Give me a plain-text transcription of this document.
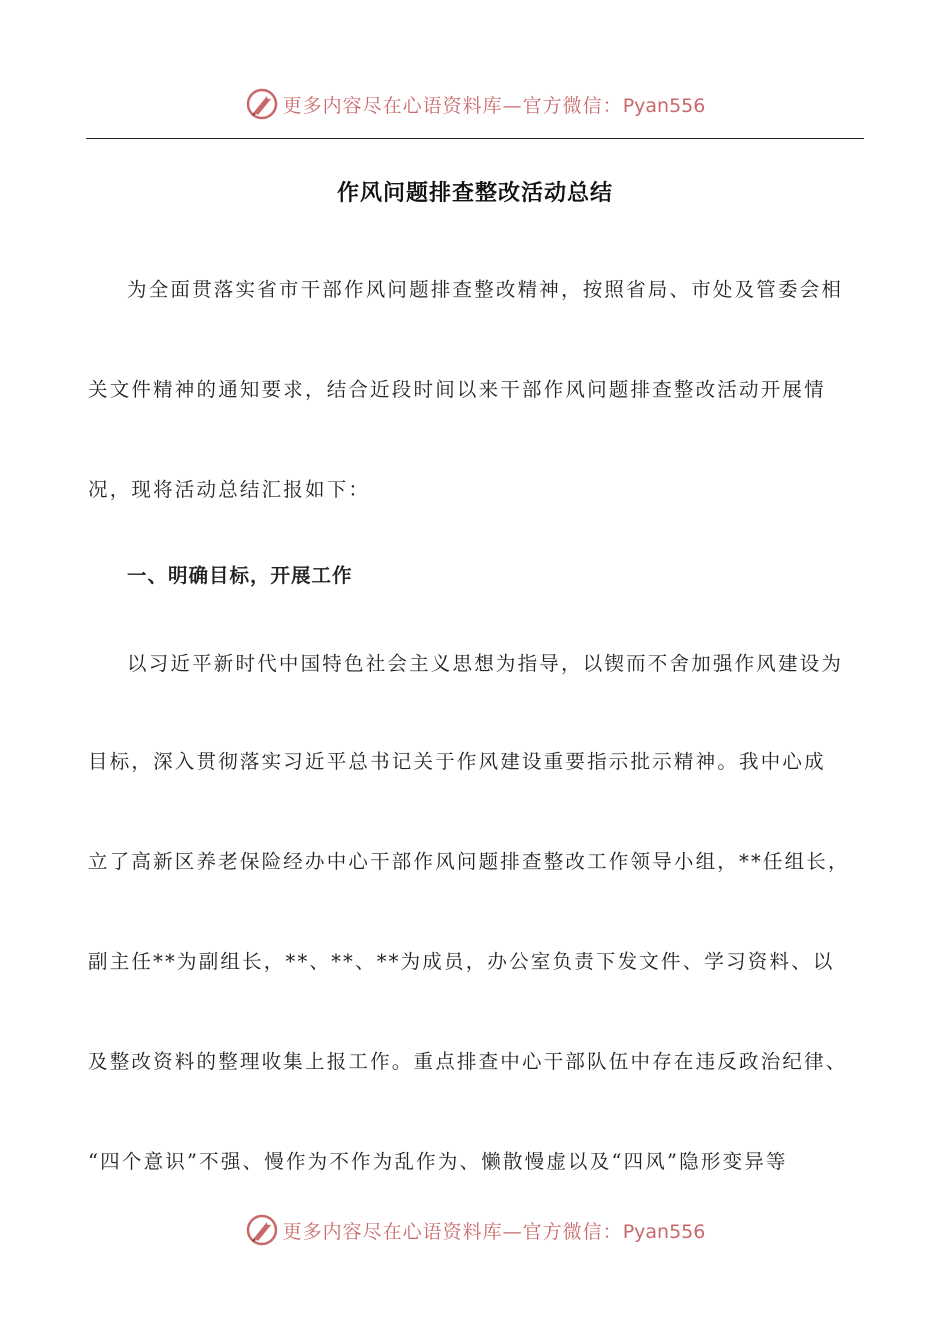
更多内容尽在心语资料库—官方微信：Pyan556
作风问题排查整改活动总结
为全面贯落实省市干部作风问题排查整改精神，按照省局、市处及管委会相
关文件精神的通知要求，结合近段时间以来干部作风问题排查整改活动开展情
况，现将活动总结汇报如下：
一、明确目标，开展工作
以习近平新时代中国特色社会主义思想为指导，以锲而不舍加强作风建设为
目标，深入贯彻落实习近平总书记关于作风建设重要指示批示精神。我中心成
立了高新区养老保险经办中心干部作风问题排查整改工作领导小组，**任组长，
副主任**为副组长，**、**、**为成员，办公室负责下发文件、学习资料、以
及整改资料的整理收集上报工作。重点排查中心干部队伍中存在违反政治纪律、
“四个意识”不强、慢作为不作为乱作为、懒散慢虚以及“四风”隐形变异等
更多内容尽在心语资料库—官方微信：Pyan556
